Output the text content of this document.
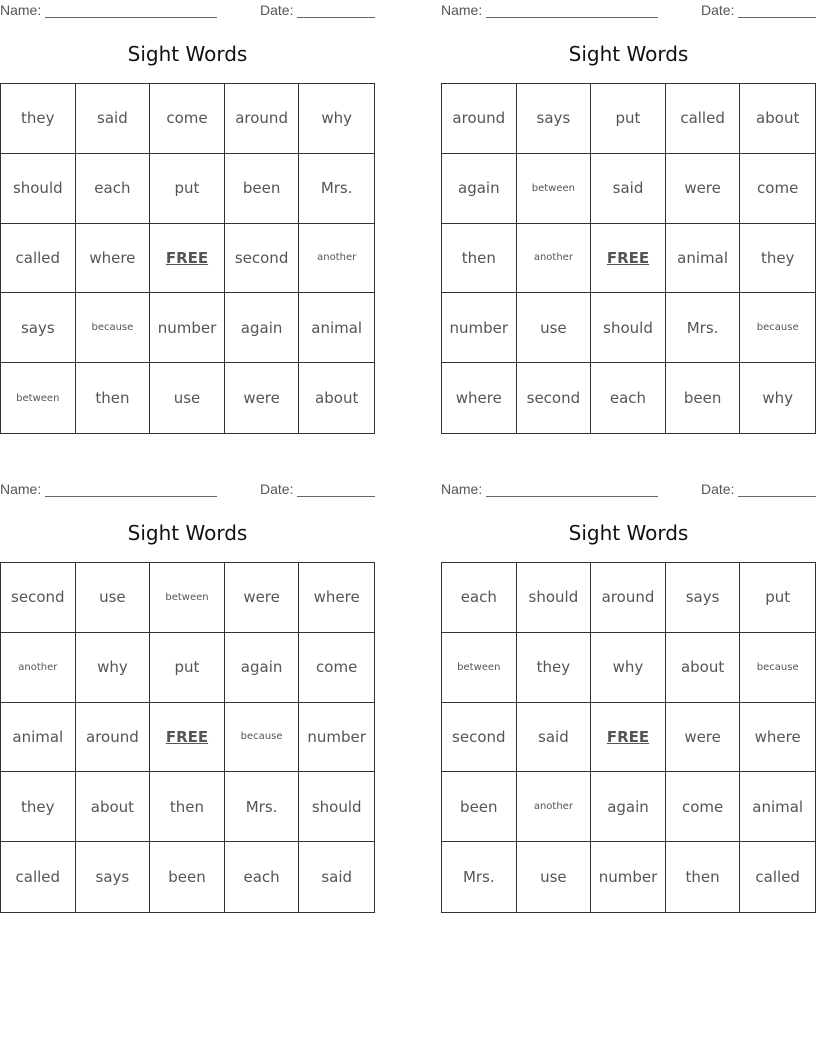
Name:	Date:
Sight Words
they	said	come	around	why
should	each	put	been	Mrs.
called	where	FREE	second	another
says	because	number	again	animal
between	then	use	were	about
Name:	Date:
Sight Words
around	says	put	called	about
again	between	said	were	come
then	another	FREE	animal	they
number	use	should	Mrs.	because
where	second	each	been	why
Name:	Date:
Sight Words
second	use	between	were	where
another	why	put	again	come
animal	around	FREE	because	number
they	about	then	Mrs.	should
called	says	been	each	said
Name:	Date:
Sight Words
each	should	around	says	put
between	they	why	about	because
second	said	FREE	were	where
been	another	again	come	animal
Mrs.	use	number	then	called
